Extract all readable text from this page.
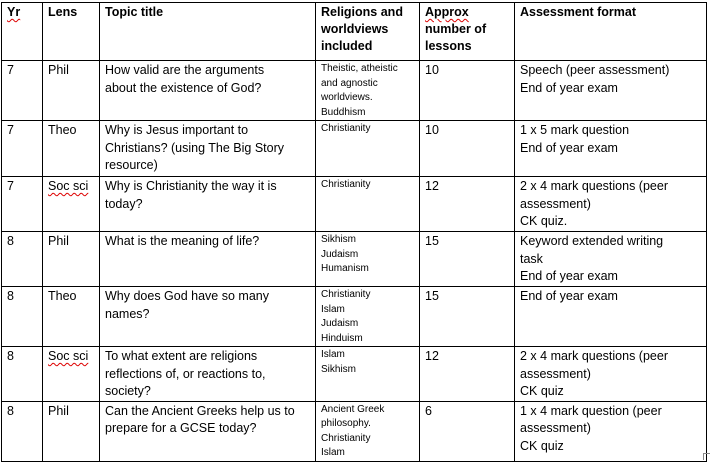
Yr	Lens	Topic title	Religions and
worldviews
included	Approx
number of
lessons	Assessment format
7	Phil	How valid are the arguments
about the existence of God?	Theistic, atheistic
and agnostic
worldviews.
Buddhism	10	Speech (peer assessment)
End of year exam

7	Theo	Why is Jesus important to
Christians? (using The Big Story
resource)	Christianity	10	1 x 5 mark question
End of year exam

7	Soc sci	Why is Christianity the way it is
today?	Christianity	12	2 x 4 mark questions (peer
assessment)
CK quiz.

8	Phil	What is the meaning of life?	Sikhism
Judaism
Humanism	15	Keyword extended writing
task
End of year exam

8	Theo	Why does God have so many
names?	Christianity
Islam
Judaism
Hinduism	15	End of year exam

8	Soc sci	To what extent are religions
reflections of, or reactions to,
society?	Islam
Sikhism	12	2 x 4 mark questions (peer
assessment)
CK quiz

8	Phil	Can the Ancient Greeks help us to
prepare for a GCSE today?	Ancient Greek
philosophy.
Christianity
Islam	6	1 x 4 mark question (peer
assessment)
CK quiz
